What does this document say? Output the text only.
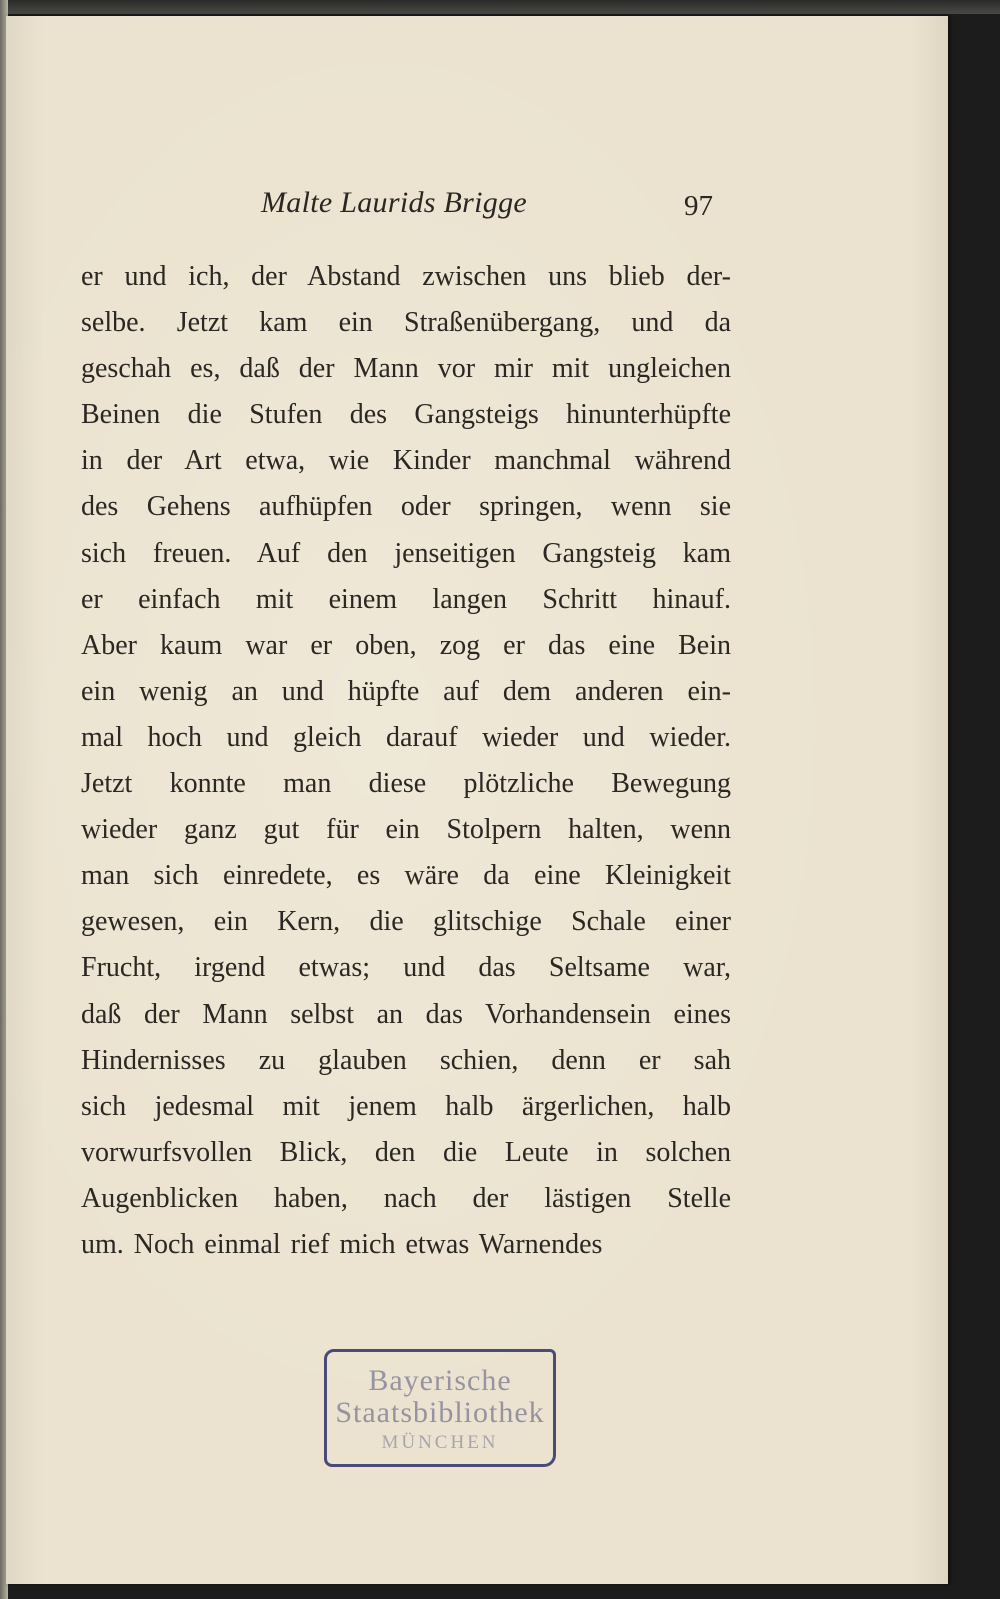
Malte Laurids Brigge	97
er und ich, der Abstand zwischen uns blieb der-
selbe. Jetzt kam ein Straßenübergang, und da
geschah es, daß der Mann vor mir mit ungleichen
Beinen die Stufen des Gangsteigs hinunterhüpfte
in der Art etwa, wie Kinder manchmal während
des Gehens aufhüpfen oder springen, wenn sie
sich freuen. Auf den jenseitigen Gangsteig kam
er einfach mit einem langen Schritt hinauf.
Aber kaum war er oben, zog er das eine Bein
ein wenig an und hüpfte auf dem anderen ein-
mal hoch und gleich darauf wieder und wieder.
Jetzt konnte man diese plötzliche Bewegung
wieder ganz gut für ein Stolpern halten, wenn
man sich einredete, es wäre da eine Kleinigkeit
gewesen, ein Kern, die glitschige Schale einer
Frucht, irgend etwas; und das Seltsame war,
daß der Mann selbst an das Vorhandensein eines
Hindernisses zu glauben schien, denn er sah
sich jedesmal mit jenem halb ärgerlichen, halb
vorwurfsvollen Blick, den die Leute in solchen
Augenblicken haben, nach der lästigen Stelle
um. Noch einmal rief mich etwas Warnendes
Bayerische
Staatsbibliothek
MÜNCHEN
